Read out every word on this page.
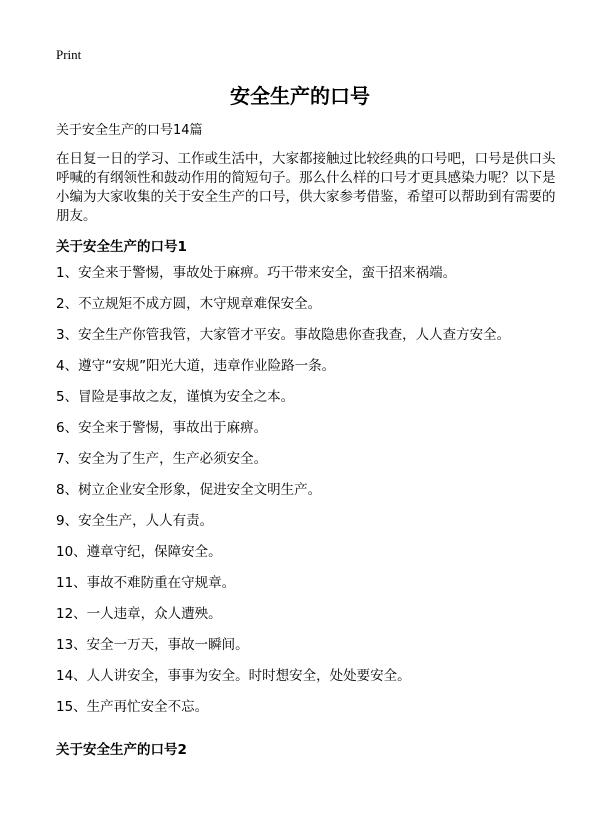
Print
安全生产的口号
关于安全生产的口号14篇

在日复一日的学习、工作或生活中，大家都接触过比较经典的口号吧，口号是供口头呼喊的有纲领性和鼓动作用的简短句子。那么什么样的口号才更具感染力呢？以下是小编为大家收集的关于安全生产的口号，供大家参考借鉴，希望可以帮助到有需要的朋友。

关于安全生产的口号1
1、安全来于警惕，事故处于麻痹。巧干带来安全，蛮干招来祸端。
2、不立规矩不成方圆，木守规章难保安全。
3、安全生产你管我管，大家管才平安。事故隐患你查我查，人人查方安全。
4、遵守“安规”阳光大道，违章作业险路一条。
5、冒险是事故之友，谨慎为安全之本。
6、安全来于警惕，事故出于麻痹。
7、安全为了生产，生产必须安全。
8、树立企业安全形象，促进安全文明生产。
9、安全生产，人人有责。
10、遵章守纪，保障安全。
11、事故不难防重在守规章。
12、一人违章，众人遭殃。
13、安全一万天，事故一瞬间。
14、人人讲安全，事事为安全。时时想安全，处处要安全。
15、生产再忙安全不忘。
关于安全生产的口号2
